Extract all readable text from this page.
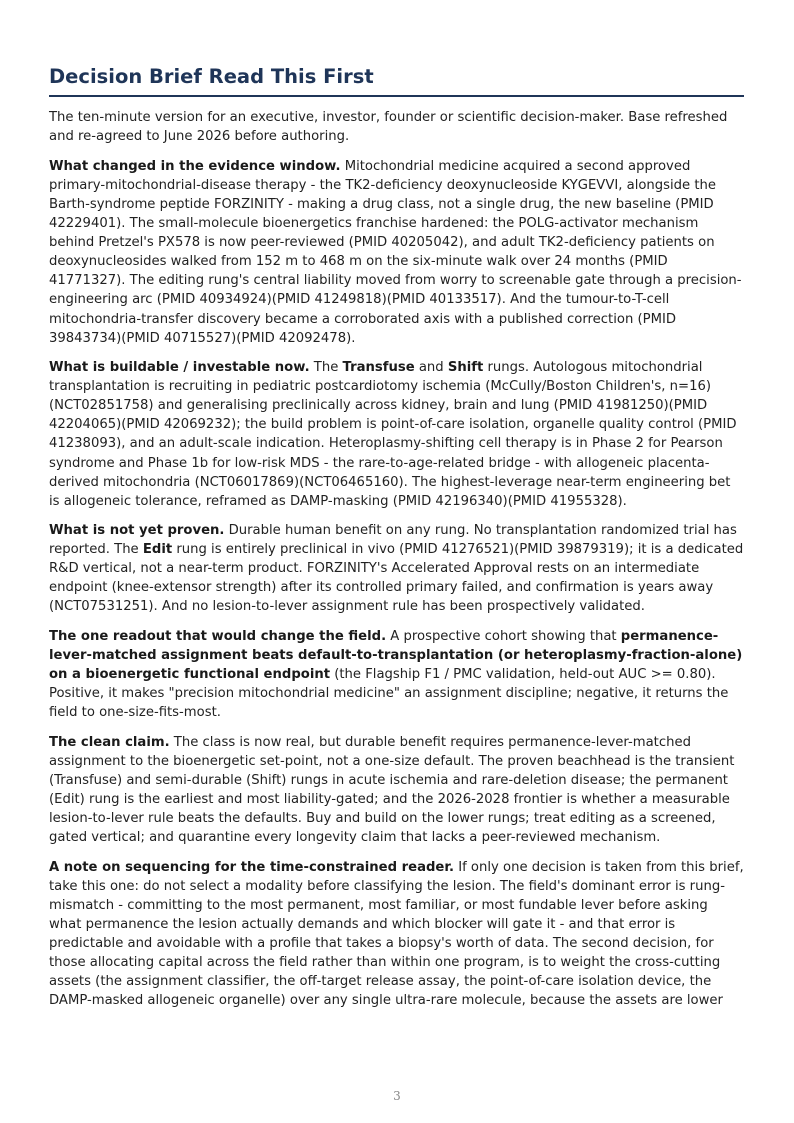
Decision Brief Read This First

The ten-minute version for an executive, investor, founder or scientific decision-maker. Base refreshed and re-agreed to June 2026 before authoring.

What changed in the evidence window. Mitochondrial medicine acquired a second approved primary-mitochondrial-disease therapy - the TK2-deficiency deoxynucleoside KYGEVVI, alongside the Barth-syndrome peptide FORZINITY - making a drug class, not a single drug, the new baseline (PMID 42229401). The small-molecule bioenergetics franchise hardened: the POLG-activator mechanism behind Pretzel's PX578 is now peer-reviewed (PMID 40205042), and adult TK2-deficiency patients on deoxynucleosides walked from 152 m to 468 m on the six-minute walk over 24 months (PMID 41771327). The editing rung's central liability moved from worry to screenable gate through a precision-engineering arc (PMID 40934924)(PMID 41249818)(PMID 40133517). And the tumour-to-T-cell mitochondria-transfer discovery became a corroborated axis with a published correction (PMID 39843734)(PMID 40715527)(PMID 42092478).

What is buildable / investable now. The Transfuse and Shift rungs. Autologous mitochondrial transplantation is recruiting in pediatric postcardiotomy ischemia (McCully/Boston Children's, n=16) (NCT02851758) and generalising preclinically across kidney, brain and lung (PMID 41981250)(PMID 42204065)(PMID 42069232); the build problem is point-of-care isolation, organelle quality control (PMID 41238093), and an adult-scale indication. Heteroplasmy-shifting cell therapy is in Phase 2 for Pearson syndrome and Phase 1b for low-risk MDS - the rare-to-age-related bridge - with allogeneic placenta-derived mitochondria (NCT06017869)(NCT06465160). The highest-leverage near-term engineering bet is allogeneic tolerance, reframed as DAMP-masking (PMID 42196340)(PMID 41955328).

What is not yet proven. Durable human benefit on any rung. No transplantation randomized trial has reported. The Edit rung is entirely preclinical in vivo (PMID 41276521)(PMID 39879319); it is a dedicated R&D vertical, not a near-term product. FORZINITY's Accelerated Approval rests on an intermediate endpoint (knee-extensor strength) after its controlled primary failed, and confirmation is years away (NCT07531251). And no lesion-to-lever assignment rule has been prospectively validated.

The one readout that would change the field. A prospective cohort showing that permanence-lever-matched assignment beats default-to-transplantation (or heteroplasmy-fraction-alone) on a bioenergetic functional endpoint (the Flagship F1 / PMC validation, held-out AUC >= 0.80). Positive, it makes "precision mitochondrial medicine" an assignment discipline; negative, it returns the field to one-size-fits-most.

The clean claim. The class is now real, but durable benefit requires permanence-lever-matched assignment to the bioenergetic set-point, not a one-size default. The proven beachhead is the transient (Transfuse) and semi-durable (Shift) rungs in acute ischemia and rare-deletion disease; the permanent (Edit) rung is the earliest and most liability-gated; and the 2026-2028 frontier is whether a measurable lesion-to-lever rule beats the defaults. Buy and build on the lower rungs; treat editing as a screened, gated vertical; and quarantine every longevity claim that lacks a peer-reviewed mechanism.

A note on sequencing for the time-constrained reader. If only one decision is taken from this brief, take this one: do not select a modality before classifying the lesion. The field's dominant error is rung-mismatch - committing to the most permanent, most familiar, or most fundable lever before asking what permanence the lesion actually demands and which blocker will gate it - and that error is predictable and avoidable with a profile that takes a biopsy's worth of data. The second decision, for those allocating capital across the field rather than within one program, is to weight the cross-cutting assets (the assignment classifier, the off-target release assay, the point-of-care isolation device, the DAMP-masked allogeneic organelle) over any single ultra-rare molecule, because the assets are lower

3
